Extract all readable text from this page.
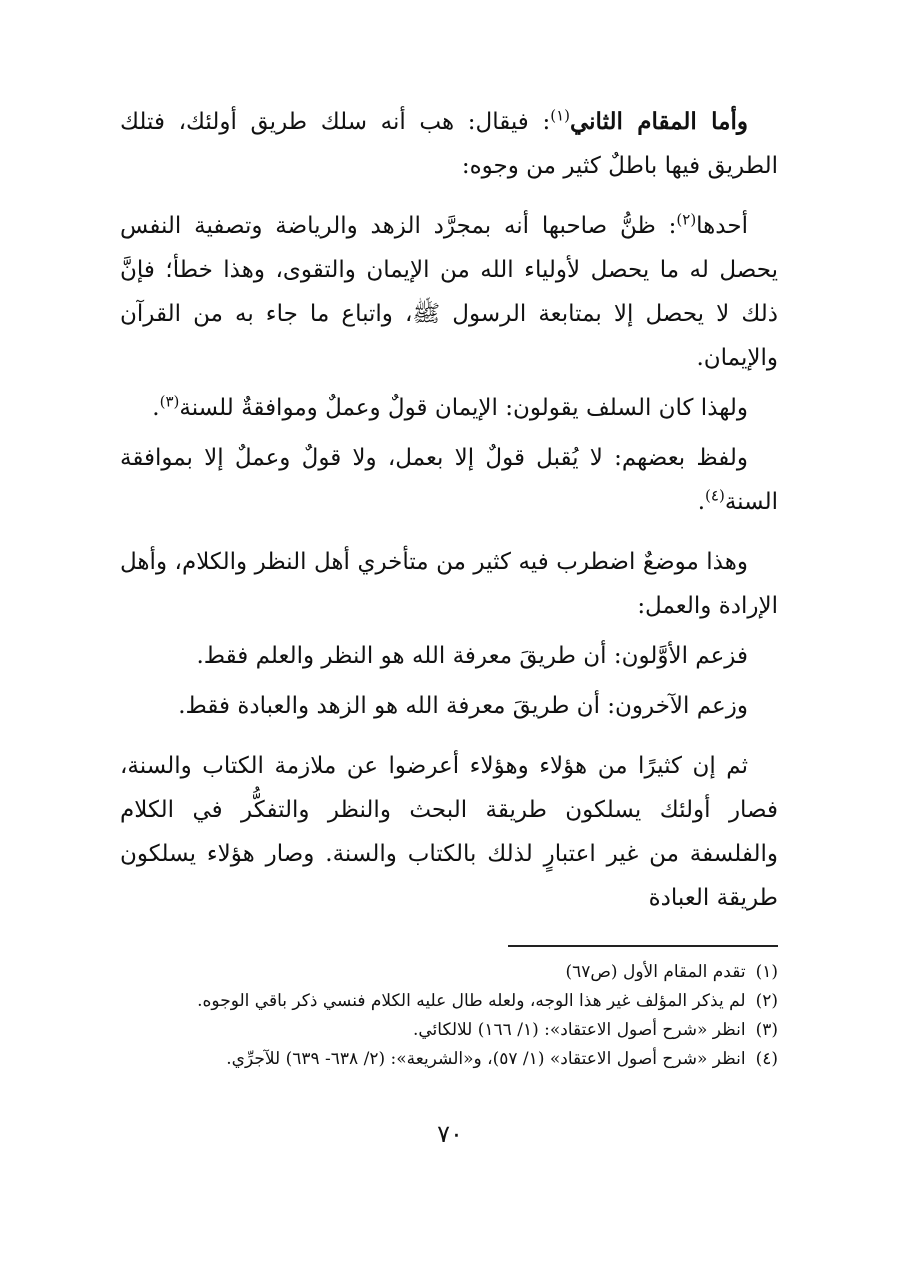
وأما المقام الثاني$^{(١)}$: فيقال: هب أنه سلك طريق أولئك، فتلك الطريق فيها باطلٌ كثير من وجوه:

أحدها$^{(٢)}$: ظنُّ صاحبها أنه بمجرَّد الزهد والرياضة وتصفية النفس يحصل له ما يحصل لأولياء الله من الإيمان والتقوى، وهذا خطأ؛ فإنَّ ذلك لا يحصل إلا بمتابعة الرسول ﷺ، واتباع ما جاء به من القرآن والإيمان.

ولهذا كان السلف يقولون: الإيمان قولٌ وعملٌ وموافقةٌ للسنة$^{(٣)}$.

ولفظ بعضهم: لا يُقبل قولٌ إلا بعمل، ولا قولٌ وعملٌ إلا بموافقة السنة$^{(٤)}$.

وهذا موضعٌ اضطرب فيه كثير من متأخري أهل النظر والكلام، وأهل الإرادة والعمل:

فزعم الأوَّلون: أن طريقَ معرفة الله هو النظر والعلم فقط.

وزعم الآخرون: أن طريقَ معرفة الله هو الزهد والعبادة فقط.

ثم إن كثيرًا من هؤلاء وهؤلاء أعرضوا عن ملازمة الكتاب والسنة، فصار أولئك يسلكون طريقة البحث والنظر والتفكُّر في الكلام والفلسفة من غير اعتبارٍ لذلك بالكتاب والسنة. وصار هؤلاء يسلكون طريقة العبادة

(١)
تقدم المقام الأول (ص٦٧)
(٢)
لم يذكر المؤلف غير هذا الوجه، ولعله طال عليه الكلام فنسي ذكر باقي الوجوه.
(٣)
انظر «شرح أصول الاعتقاد»: (١/ ١٦٦) للالكائي.
(٤)
انظر «شرح أصول الاعتقاد» (١/ ٥٧)، و«الشريعة»: (٢/ ٦٣٨- ٦٣٩) للآجرِّي.
٧٠
